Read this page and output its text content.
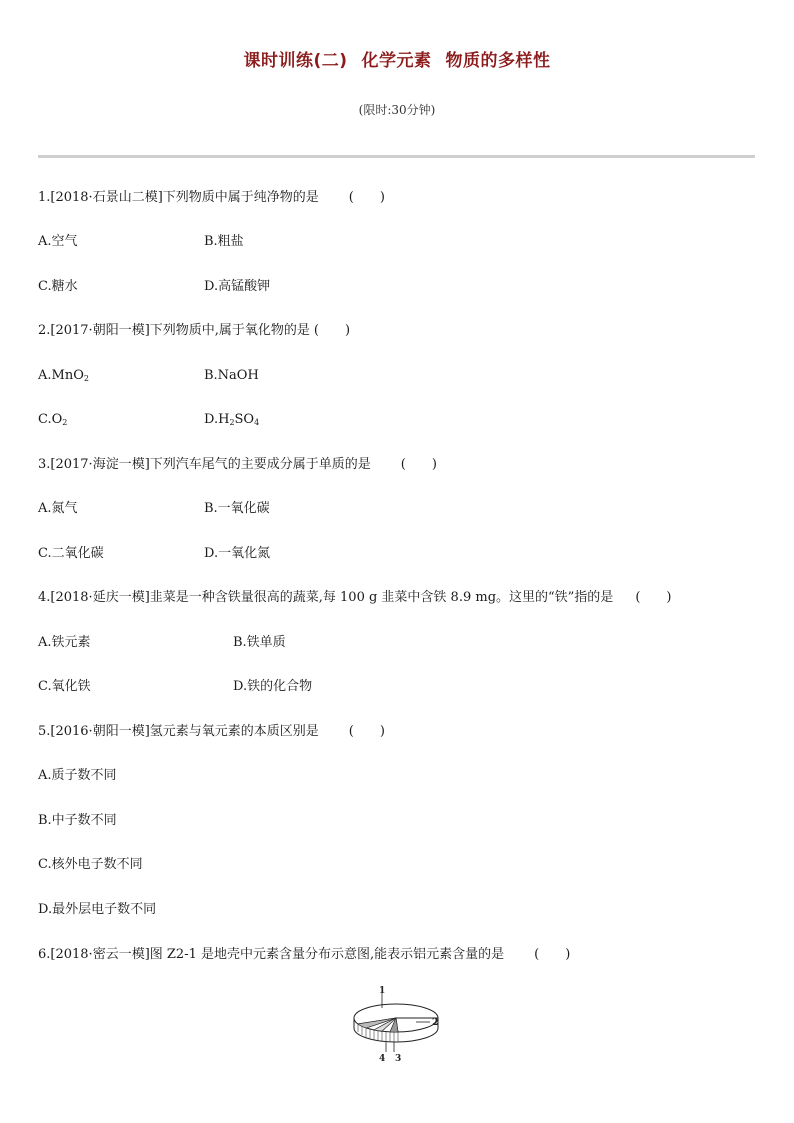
课时训练(二) 化学元素 物质的多样性
(限时:30分钟)
1.[2018·石景山二模]下列物质中属于纯净物的是 (　　)
A.空气	B.粗盐
C.糖水	D.高锰酸钾
2.[2017·朝阳一模]下列物质中,属于氧化物的是 (　　)
A.MnO$_2$	B.NaOH
$C.O_2$	$D.H_2SO_4$
3.[2017·海淀一模]下列汽车尾气的主要成分属于单质的是 (　　)
A.氮气	B.一氧化碳
C.二氧化碳	D.一氧化氮
4.[2018·延庆一模]韭菜是一种含铁量很高的蔬菜,每 100 g 韭菜中含铁 8.9 mg。这里的“铁”指的是 (　　)
A.铁元素	B.铁单质
C.氧化铁	D.铁的化合物
5.[2016·朝阳一模]氢元素与氧元素的本质区别是 (　　)
A.质子数不同
B.中子数不同
C.核外电子数不同
D.最外层电子数不同
6.[2018·密云一模]图 Z2-1 是地壳中元素含量分布示意图,能表示铝元素含量的是 (　　)
1
2
3
4
